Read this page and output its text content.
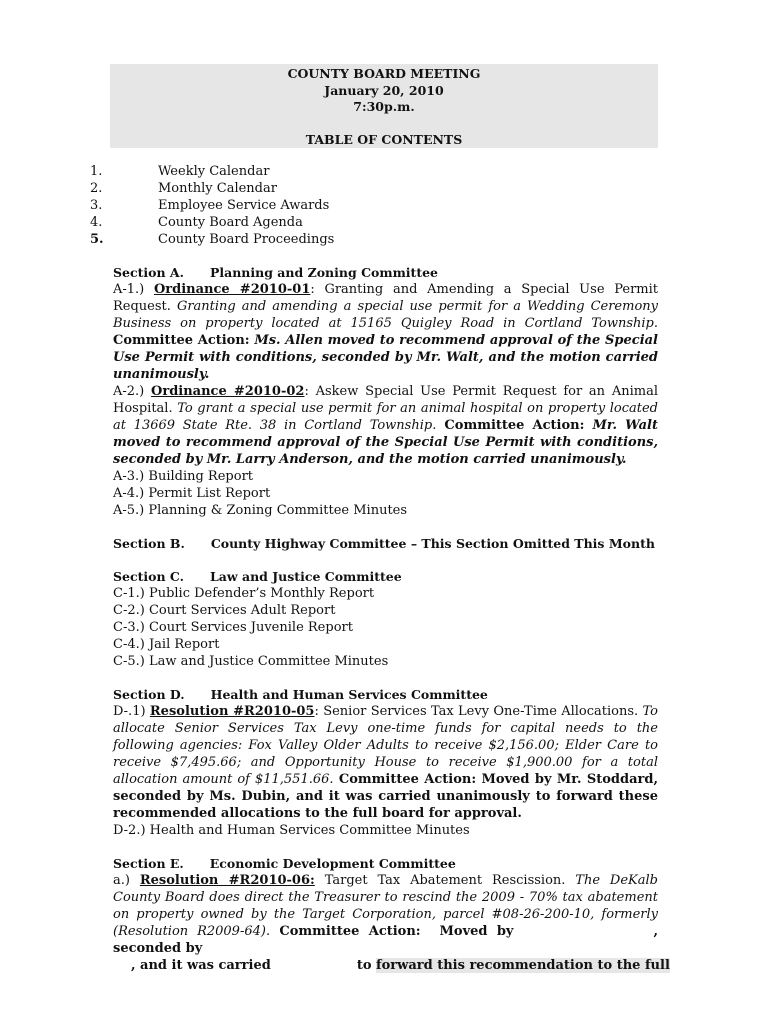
COUNTY BOARD MEETING
January 20, 2010
7:30p.m.
TABLE OF CONTENTS
1.	Weekly Calendar
2.	Monthly Calendar
3.	Employee Service Awards
4.	County Board Agenda
5.	County Board Proceedings
Section A. Planning and Zoning Committee

A-1.) Ordinance #2010-01: Granting and Amending a Special Use Permit Request. Granting and amending a special use permit for a Wedding Ceremony Business on property located at 15165 Quigley Road in Cortland Township. Committee Action: Ms. Allen moved to recommend approval of the Special Use Permit with conditions, seconded by Mr. Walt, and the motion carried unanimously.

A-2.) Ordinance #2010-02: Askew Special Use Permit Request for an Animal Hospital. To grant a special use permit for an animal hospital on property located at 13669 State Rte. 38 in Cortland Township. Committee Action: Mr. Walt moved to recommend approval of the Special Use Permit with conditions, seconded by Mr. Larry Anderson, and the motion carried unanimously.

A-3.) Building Report
A-4.) Permit List Report
A-5.) Planning & Zoning Committee Minutes
Section B. County Highway Committee – This Section Omitted This Month
Section C. Law and Justice Committee
C-1.) Public Defender’s Monthly Report
C-2.) Court Services Adult Report
C-3.) Court Services Juvenile Report
C-4.) Jail Report
C-5.) Law and Justice Committee Minutes
Section D. Health and Human Services Committee

D-.1) Resolution #R2010-05: Senior Services Tax Levy One-Time Allocations. To allocate Senior Services Tax Levy one-time funds for capital needs to the following agencies: Fox Valley Older Adults to receive $2,156.00; Elder Care to receive $7,495.66; and Opportunity House to receive $1,900.00 for a total allocation amount of $11,551.66. Committee Action: Moved by Mr. Stoddard, seconded by Ms. Dubin, and it was carried unanimously to forward these recommended allocations to the full board for approval.

D-2.) Health and Human Services Committee Minutes
Section E. Economic Development Committee

a.) Resolution #R2010-06: Target Tax Abatement Rescission. The DeKalb County Board does direct the Treasurer to rescind the 2009 - 70% tax abatement on property owned by the Target Corporation, parcel #08-26-200-10, formerly (Resolution R2009-64). Committee Action: Moved by	, seconded by

, and it was carried	to forward this recommendation to the full
